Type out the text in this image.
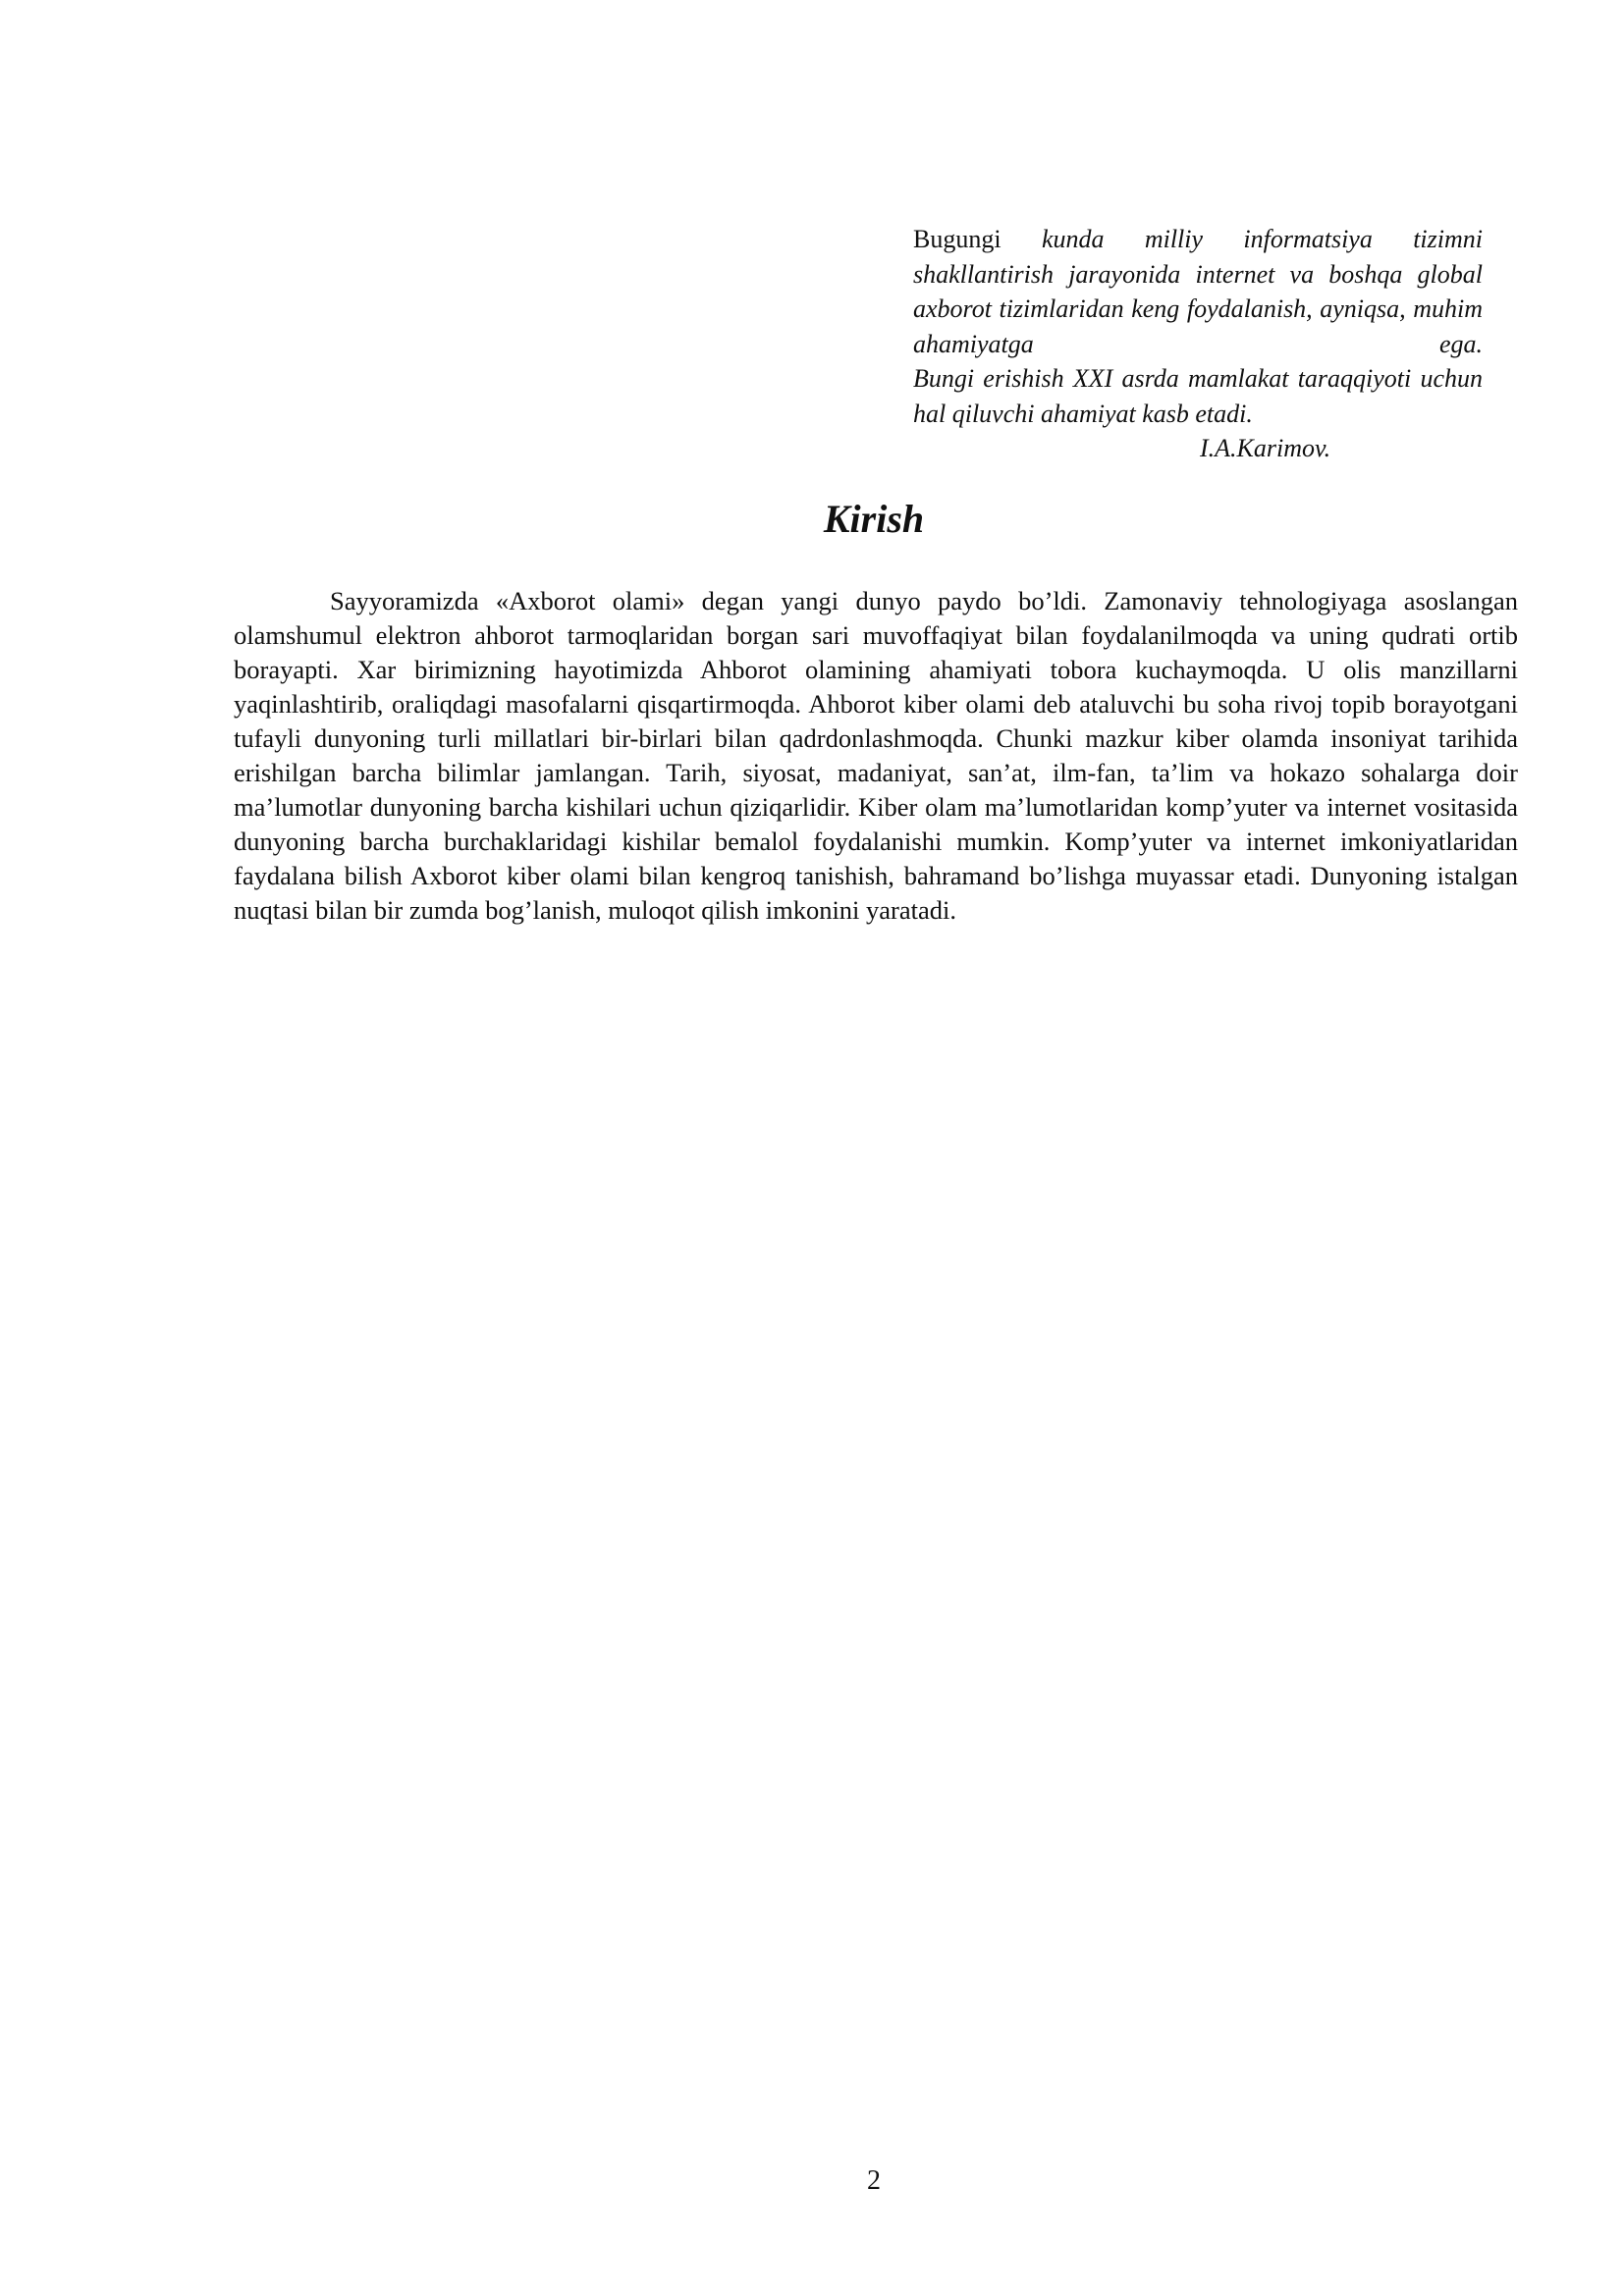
Bugungi kunda milliy informatsiya tizimni shakllantirish jarayonida internet va boshqa global axborot tizimlaridan keng foydalanish, ayniqsa, muhim ahamiyatga ega.

Bungi erishish XXI asrda mamlakat taraqqiyoti uchun hal qiluvchi ahamiyat kasb etadi.

I.A.Karimov.
Kirish

Sayyoramizda «Axborot olami» degan yangi dunyo paydo bo’ldi. Zamonaviy tehnologiyaga asoslangan olamshumul elektron ahborot tarmoqlaridan borgan sari muvoffaqiyat bilan foydalanilmoqda va uning qudrati ortib borayapti. Xar birimizning hayotimizda Ahborot olamining ahamiyati tobora kuchaymoqda. U olis manzillarni yaqinlashtirib, oraliqdagi masofalarni qisqartirmoqda. Ahborot kiber olami deb ataluvchi bu soha rivoj topib borayotgani tufayli dunyoning turli millatlari bir-birlari bilan qadrdonlashmoqda. Chunki mazkur kiber olamda insoniyat tarihida erishilgan barcha bilimlar jamlangan. Tarih, siyosat, madaniyat, san’at, ilm-fan, ta’lim va hokazo sohalarga doir ma’lumotlar dunyoning barcha kishilari uchun qiziqarlidir. Kiber olam ma’lumotlaridan komp’yuter va internet vositasida dunyoning barcha burchaklaridagi kishilar bemalol foydalanishi mumkin. Komp’yuter va internet imkoniyatlaridan faydalana bilish Axborot kiber olami bilan kengroq tanishish, bahramand bo’lishga muyassar etadi. Dunyoning istalgan nuqtasi bilan bir zumda bog’lanish, muloqot qilish imkonini yaratadi.

2
